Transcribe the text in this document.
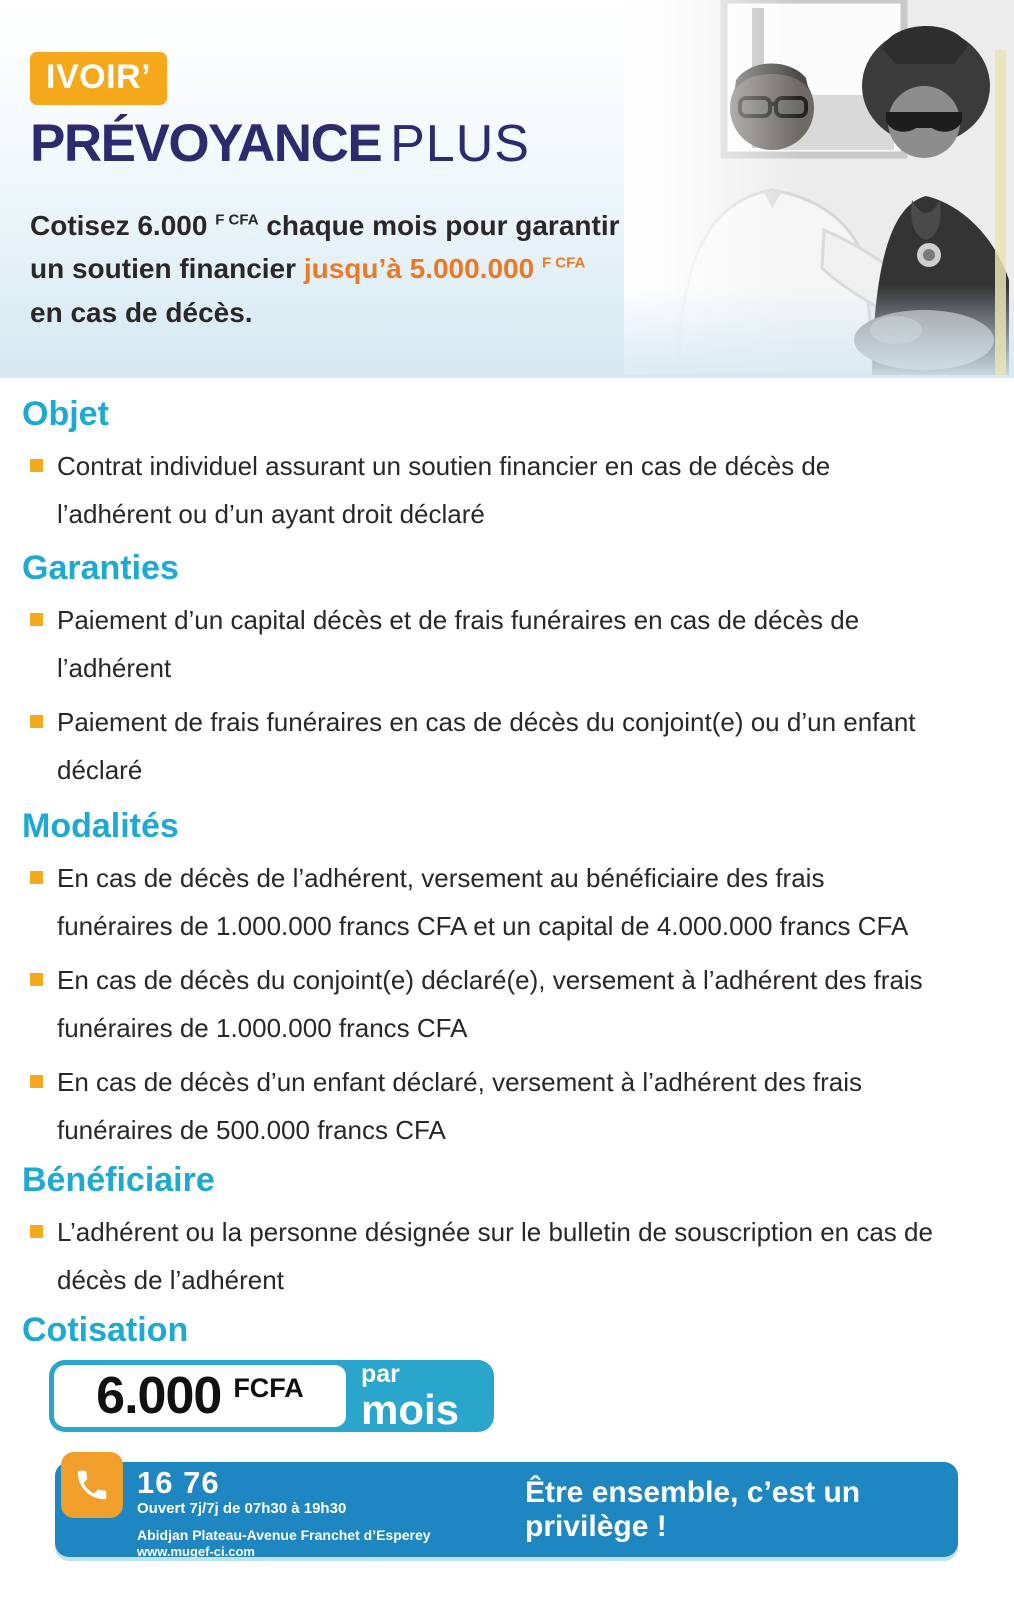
IVOIR’
PRÉVOYANCE PLUS

Cotisez 6.000 $^{F CFA}$ chaque mois pour garantir
un soutien financier jusqu’à 5.000.000 $^{F CFA}$
en cas de décès.

Objet
Contrat individuel assurant un soutien financier en cas de décès de l’adhérent ou d’un ayant droit déclaré
Garanties
Paiement d’un capital décès et de frais funéraires en cas de décès de l’adhérent
Paiement de frais funéraires en cas de décès du conjoint(e) ou d’un enfant déclaré
Modalités
En cas de décès de l’adhérent, versement au bénéficiaire des frais funéraires de 1.000.000 francs CFA et un capital de 4.000.000 francs CFA
En cas de décès du conjoint(e) déclaré(e), versement à l’adhérent des frais funéraires de 1.000.000 francs CFA
En cas de décès d’un enfant déclaré, versement à l’adhérent des frais funéraires de 500.000 francs CFA
Bénéficiaire
L’adhérent ou la personne désignée sur le bulletin de souscription en cas de décès de l’adhérent
Cotisation
6.000 FCFA par
mois
16 76
Ouvert 7j/7j de 07h30 à 19h30
Abidjan Plateau-Avenue Franchet d’Esperey
www.mugef-ci.com
Être ensemble, c’est un privilège !
